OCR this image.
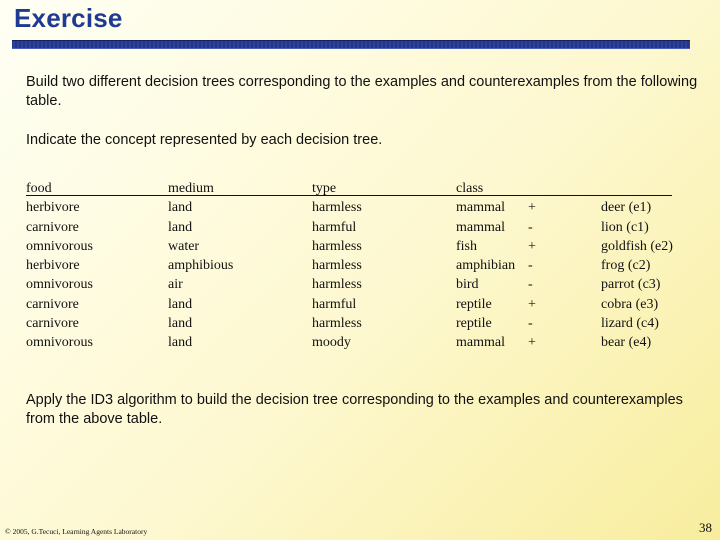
Exercise
Build two different decision trees corresponding to the examples and counterexamples from the following table.
Indicate the concept represented by each decision tree.
food
herbivore
carnivore
omnivorous
herbivore
omnivorous
carnivore
carnivore
omnivorous
medium
land
land
water
amphibious
air
land
land
land
type
harmless
harmful
harmless
harmless
harmless
harmful
harmless
moody
class
mammal
mammal
fish
amphibian
bird
reptile
reptile
mammal
+
-
+
-
-
+
-
+
deer (e1)
lion (c1)
goldfish (e2)
frog (c2)
parrot (c3)
cobra (e3)
lizard (c4)
bear (e4)
Apply the ID3 algorithm to build the decision tree corresponding to the examples and counterexamples from the above table.
© 2005, G.Tecuci, Learning Agents Laboratory	38
